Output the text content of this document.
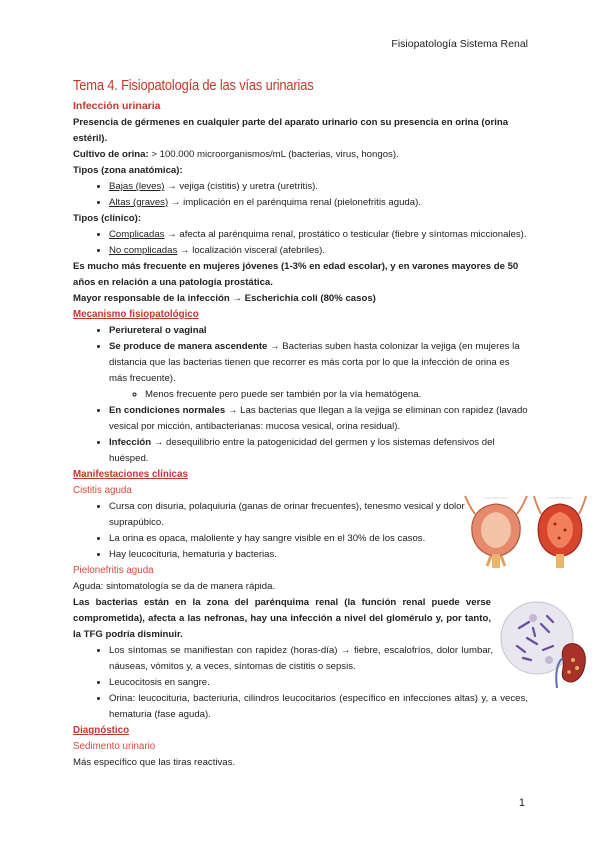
Fisiopatología Sistema Renal
Tema 4. Fisiopatología de las vías urinarias
Infección urinaria

Presencia de gérmenes en cualquier parte del aparato urinario con su presencia en orina (orina estéril).

Cultivo de orina: > 100.000 microorganismos/mL (bacterias, virus, hongos).

Tipos (zona anatómica):

• Bajas (leves) → vejiga (cistitis) y uretra (uretritis).
• Altas (graves) → implicación en el parénquima renal (pielonefritis aguda).

Tipos (clínico):

• Complicadas → afecta al parénquima renal, prostático o testicular (fiebre y síntomas miccionales).
• No complicadas → localización visceral (afebriles).

Es mucho más frecuente en mujeres jóvenes (1-3% en edad escolar), y en varones mayores de 50 años en relación a una patología prostática.

Mayor responsable de la infección → Escherichia coli (80% casos)

Mecanismo fisiopatológico
• Periureteral o vaginal
• Se produce de manera ascendente → Bacterias suben hasta colonizar la vejiga (en mujeres la distancia que las bacterias tienen que recorrer es más corta por lo que la infección de orina es más frecuente).
◦ Menos frecuente pero puede ser también por la vía hematógena.
• En condiciones normales → Las bacterias que llegan a la vejiga se eliminan con rapidez (lavado vesical por micción, antibacterianas: mucosa vesical, orina residual).
• Infección → desequilibrio entre la patogenicidad del germen y los sistemas defensivos del huésped.
Manifestaciones clínicas
Cistitis aguda
• Cursa con disuria, polaquiuria (ganas de orinar frecuentes), tenesmo vesical y dolor suprapúbico.
• La orina es opaca, maloliente y hay sangre visible en el 30% de los casos.
• Hay leucocituria, hematuria y bacterias.
Pielonefritis aguda

Aguda: sintomatología se da de manera rápida.

Las bacterias están en la zona del parénquima renal (la función renal puede verse comprometida), afecta a las nefronas, hay una infección a nivel del glomérulo y, por tanto, la TFG podría disminuir.

• Los síntomas se manifiestan con rapidez (horas-día) → fiebre, escalofríos, dolor lumbar, náuseas, vómitos y, a veces, síntomas de cistitis o sepsis.
• Leucocitosis en sangre.
• Orina: leucocituria, bacteriuria, cilindros leucocitarios (específico en infecciones altas) y, a veces, hematuria (fase aguda).
Diagnóstico
Sedimento urinario

Más específico que las tiras reactivas.

1
